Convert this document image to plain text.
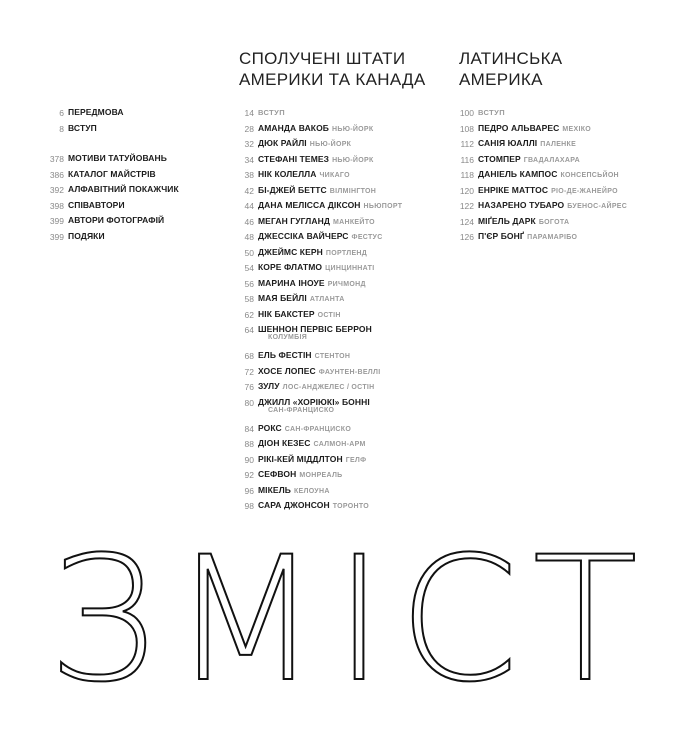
6 ПЕРЕДМОВА
8 ВСТУП
378 МОТИВИ ТАТУЙОВАНЬ
386 КАТАЛОГ МАЙСТРІВ
392 АЛФАВІТНИЙ ПОКАЖЧИК
398 СПІВАВТОРИ
399 АВТОРИ ФОТОГРАФІЙ
399 ПОДЯКИ
СПОЛУЧЕНІ ШТАТИ
АМЕРИКИ ТА КАНАДА
14 ВСТУП
28 АМАНДА ВАКОБ НЬЮ-ЙОРК
32 ДЮК РАЙЛІ НЬЮ-ЙОРК
34 СТЕФАНІ ТЕМЕЗ НЬЮ-ЙОРК
38 НІК КОЛЕЛЛА ЧИКАГО
42 БІ-ДЖЕЙ БЕТТС ВІЛМІНГТОН
44 ДАНА МЕЛІССА ДІКСОН НЬЮПОРТ
46 МЕГАН ГУГЛАНД МАНКЕЙТО
48 ДЖЕССІКА ВАЙЧЕРС ФЕСТУС
50 ДЖЕЙМС КЕРН ПОРТЛЕНД
54 КОРЕ ФЛАТМО ЦИНЦИННАТІ
56 МАРИНА ІНОУЕ РИЧМОНД
58 МАЯ БЕЙЛІ АТЛАНТА
62 НІК БАКСТЕР ОСТІН
64 ШЕННОН ПЕРВІС БЕРРОН
КОЛУМБІЯ
68 ЕЛЬ ФЕСТІН СТЕНТОН
72 ХОСЕ ЛОПЕС ФАУНТЕН-ВЕЛЛІ
76 ЗУЛУ ЛОС-АНДЖЕЛЕС / ОСТІН
80 ДЖИЛЛ «ХОРІЮКІ» БОННІ
САН-ФРАНЦИСКО
84 РОКС САН-ФРАНЦИСКО
88 ДІОН КЕЗЕС САЛМОН-АРМ
90 РІКІ-КЕЙ МІДДЛТОН ГЕЛФ
92 СЕФВОН МОНРЕАЛЬ
96 МІКЕЛЬ КЕЛОУНА
98 САРА ДЖОНСОН ТОРОНТО
ЛАТИНСЬКА
АМЕРИКА
100 ВСТУП
108 ПЕДРО АЛЬВАРЕС МЕХІКО
112 САНІЯ ЮАЛЛІ ПАЛЕНКЕ
116 СТОМПЕР ГВАДАЛАХАРА
118 ДАНІЕЛЬ КАМПОС КОНСЕПСЬЙОН
120 ЕНРІКЕ МАТТОС РІО-ДЕ-ЖАНЕЙРО
122 НАЗАРЕНО ТУБАРО БУЕНОС-АЙРЕС
124 МІҐЕЛЬ ДАРК БОГОТА
126 П'ЄР БОНҐ ПАРАМАРІБО
ЗМІСТ
